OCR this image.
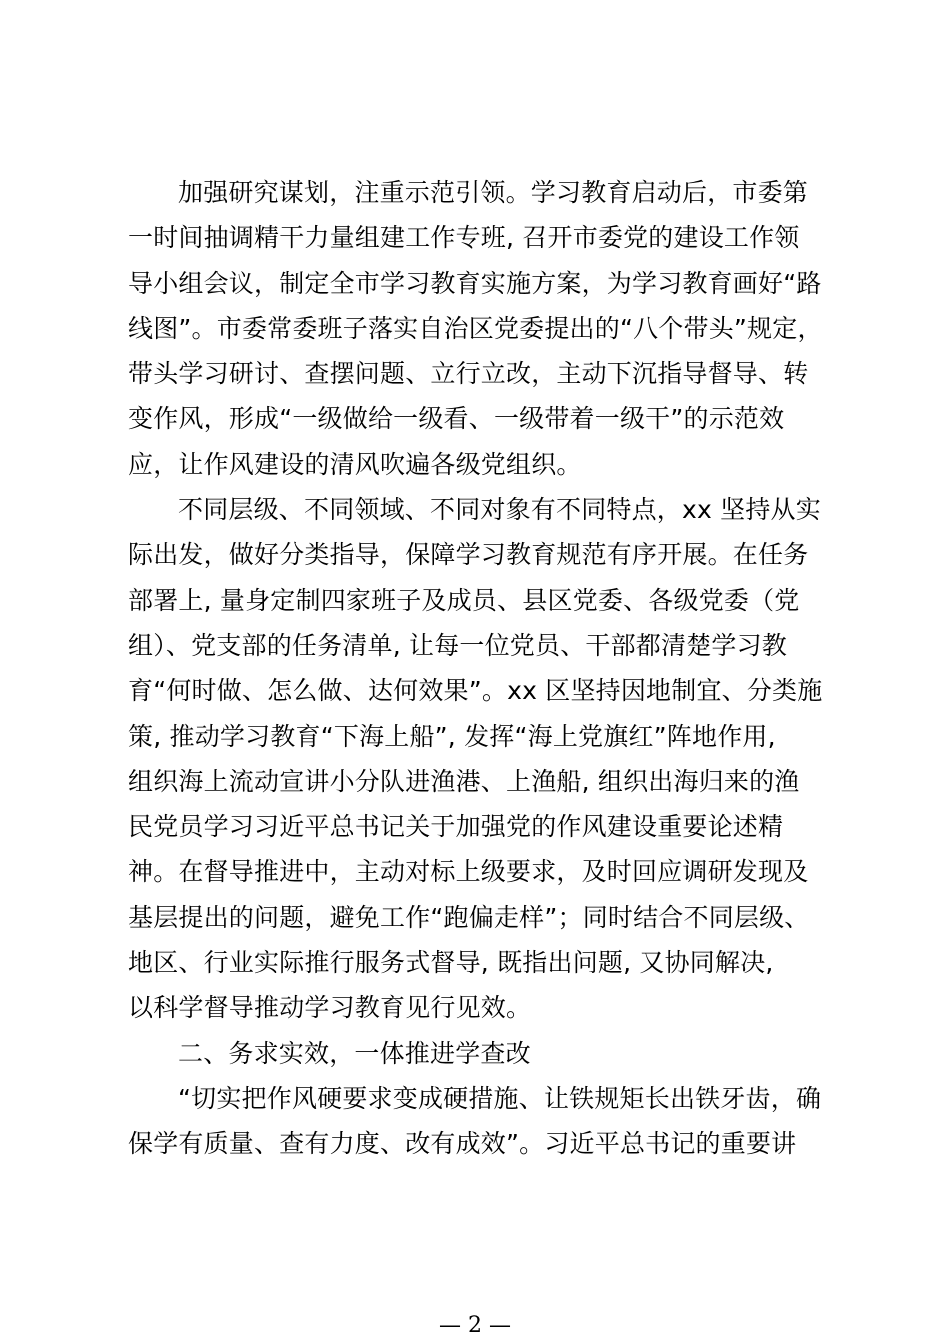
加强研究谋划，注重示范引领。学习教育启动后，市委第
一时间抽调精干力量组建工作专班, 召开市委党的建设工作领
导小组会议，制定全市学习教育实施方案，为学习教育画好“路
线图”。市委常委班子落实自治区党委提出的“八个带头”规定，
带头学习研讨、查摆问题、立行立改，主动下沉指导督导、转
变作风，形成“一级做给一级看、一级带着一级干”的示范效
应，让作风建设的清风吹遍各级党组织。
不同层级、不同领域、不同对象有不同特点，xx 坚持从实
际出发，做好分类指导，保障学习教育规范有序开展。在任务
部署上, 量身定制四家班子及成员、县区党委、各级党委（党
组）、党支部的任务清单, 让每一位党员、干部都清楚学习教
育“何时做、怎么做、达何效果”。xx 区坚持因地制宜、分类施
策, 推动学习教育“下海上船”, 发挥“海上党旗红”阵地作用,
组织海上流动宣讲小分队进渔港、上渔船, 组织出海归来的渔
民党员学习习近平总书记关于加强党的作风建设重要论述精
神。在督导推进中，主动对标上级要求，及时回应调研发现及
基层提出的问题，避免工作“跑偏走样”；同时结合不同层级、
地区、行业实际推行服务式督导, 既指出问题, 又协同解决,
以科学督导推动学习教育见行见效。
二、务求实效，一体推进学查改
“切实把作风硬要求变成硬措施、让铁规矩长出铁牙齿，确
保学有质量、查有力度、改有成效”。习近平总书记的重要讲
— 2 —
